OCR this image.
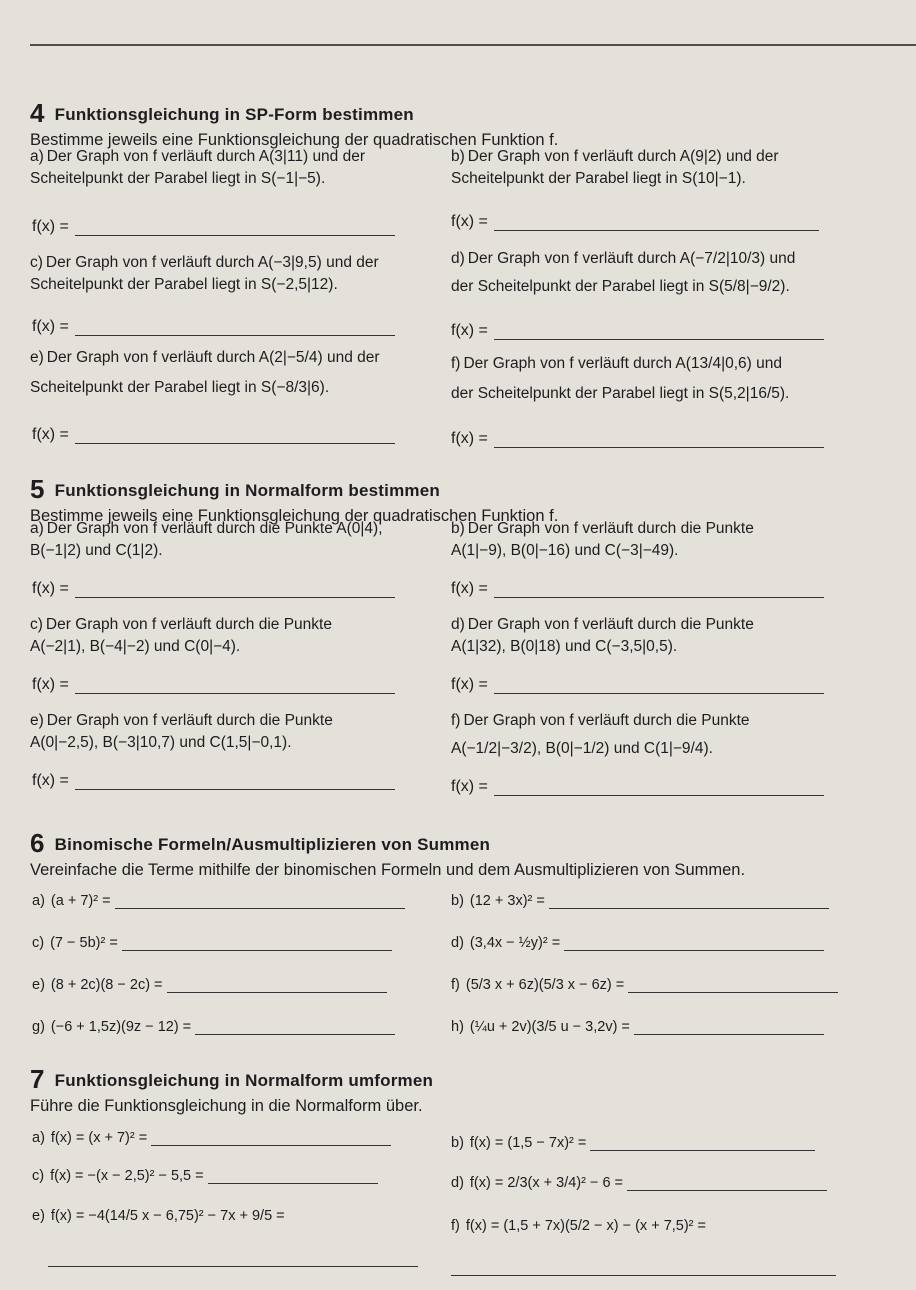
4 Funktionsgleichung in SP-Form bestimmen
Bestimme jeweils eine Funktionsgleichung der quadratischen Funktion f.
a) Der Graph von f verläuft durch A(3|11) und der
Scheitelpunkt der Parabel liegt in S(−1|−5).
b) Der Graph von f verläuft durch A(9|2) und der
Scheitelpunkt der Parabel liegt in S(10|−1).
f(x) =	f(x) =
c) Der Graph von f verläuft durch A(−3|9,5) und der
Scheitelpunkt der Parabel liegt in S(−2,5|12).
d) Der Graph von f verläuft durch A(−7/2|10/3) und
der Scheitelpunkt der Parabel liegt in S(5/8|−9/2).
f(x) =	f(x) =
e) Der Graph von f verläuft durch A(2|−5/4) und der
Scheitelpunkt der Parabel liegt in S(−8/3|6).
f) Der Graph von f verläuft durch A(13/4|0,6) und
der Scheitelpunkt der Parabel liegt in S(5,2|16/5).
f(x) =	f(x) =
5 Funktionsgleichung in Normalform bestimmen
Bestimme jeweils eine Funktionsgleichung der quadratischen Funktion f.
a) Der Graph von f verläuft durch die Punkte A(0|4),
B(−1|2) und C(1|2).
b) Der Graph von f verläuft durch die Punkte
A(1|−9), B(0|−16) und C(−3|−49).
f(x) =	f(x) =
c) Der Graph von f verläuft durch die Punkte
A(−2|1), B(−4|−2) und C(0|−4).
d) Der Graph von f verläuft durch die Punkte
A(1|32), B(0|18) und C(−3,5|0,5).
f(x) =	f(x) =
e) Der Graph von f verläuft durch die Punkte
A(0|−2,5), B(−3|10,7) und C(1,5|−0,1).
f) Der Graph von f verläuft durch die Punkte
A(−1/2|−3/2), B(0|−1/2) und C(1|−9/4).
f(x) =	f(x) =
6 Binomische Formeln/Ausmultiplizieren von Summen
Vereinfache die Terme mithilfe der binomischen Formeln und dem Ausmultiplizieren von Summen.
a) (a + 7)² =	b) (12 + 3x)² =
c) (7 − 5b)² =	d) (3,4x − ½y)² =
e) (8 + 2c)(8 − 2c) =	f) (5/3 x + 6z)(5/3 x − 6z) =
g) (−6 + 1,5z)(9z − 12) =	h) (¼u + 2v)(3/5 u − 3,2v) =
7 Funktionsgleichung in Normalform umformen
Führe die Funktionsgleichung in die Normalform über.
a) f(x) = (x + 7)² =	b) f(x) = (1,5 − 7x)² =
c) f(x) = −(x − 2,5)² − 5,5 =	d) f(x) = 2/3(x + 3/4)² − 6 =
e) f(x) = −4(14/5 x − 6,75)² − 7x + 9/5 =
f) f(x) = (1,5 + 7x)(5/2 − x) − (x + 7,5)² =
